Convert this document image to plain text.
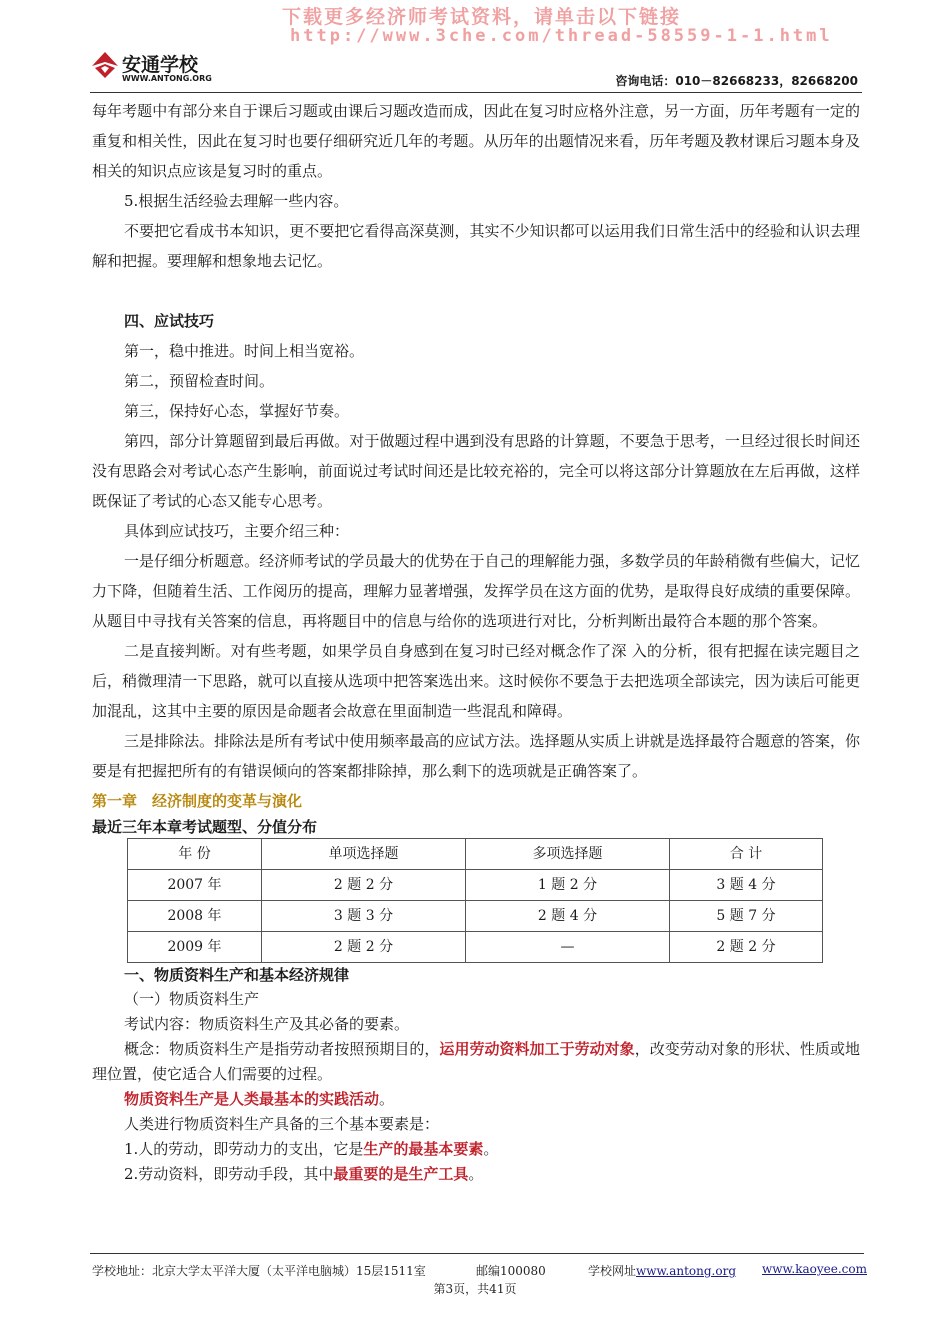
下载更多经济师考试资料，请单击以下链接
http://www.3che.com/thread-58559-1-1.html
安通学校
WWW.ANTONG.ORG	咨询电话：010－82668233，82668200

每年考题中有部分来自于课后习题或由课后习题改造而成，因此在复习时应格外注意，另一方面，历年考题有一定的重复和相关性，因此在复习时也要仔细研究近几年的考题。从历年的出题情况来看，历年考题及教材课后习题本身及相关的知识点应该是复习时的重点。

5.根据生活经验去理解一些内容。

不要把它看成书本知识，更不要把它看得高深莫测，其实不少知识都可以运用我们日常生活中的经验和认识去理解和把握。要理解和想象地去记忆。

四、应试技巧

第一，稳中推进。时间上相当宽裕。

第二，预留检查时间。

第三，保持好心态，掌握好节奏。

第四，部分计算题留到最后再做。对于做题过程中遇到没有思路的计算题，不要急于思考，一旦经过很长时间还没有思路会对考试心态产生影响，前面说过考试时间还是比较充裕的，完全可以将这部分计算题放在左后再做，这样既保证了考试的心态又能专心思考。

具体到应试技巧，主要介绍三种：

一是仔细分析题意。经济师考试的学员最大的优势在于自己的理解能力强，多数学员的年龄稍微有些偏大，记忆力下降，但随着生活、工作阅历的提高，理解力显著增强，发挥学员在这方面的优势，是取得良好成绩的重要保障。从题目中寻找有关答案的信息，再将题目中的信息与给你的选项进行对比，分析判断出最符合本题的那个答案。

二是直接判断。对有些考题，如果学员自身感到在复习时已经对概念作了深 入的分析，很有把握在读完题目之后，稍微理清一下思路，就可以直接从选项中把答案选出来。这时候你不要急于去把选项全部读完，因为读后可能更加混乱，这其中主要的原因是命题者会故意在里面制造一些混乱和障碍。

三是排除法。排除法是所有考试中使用频率最高的应试方法。选择题从实质上讲就是选择最符合题意的答案，你要是有把握把所有的有错误倾向的答案都排除掉，那么剩下的选项就是正确答案了。

第一章　经济制度的变革与演化

最近三年本章考试题型、分值分布

年 份	单项选择题	多项选择题	合 计
2007 年	2 题 2 分	1 题 2 分	3 题 4 分
2008 年	3 题 3 分	2 题 4 分	5 题 7 分
2009 年	2 题 2 分	—	2 题 2 分

一、物质资料生产和基本经济规律

（一）物质资料生产

考试内容：物质资料生产及其必备的要素。

概念：物质资料生产是指劳动者按照预期目的，运用劳动资料加工于劳动对象，改变劳动对象的形状、性质或地理位置，使它适合人们需要的过程。

物质资料生产是人类最基本的实践活动。

人类进行物质资料生产具备的三个基本要素是：

1.人的劳动，即劳动力的支出，它是生产的最基本要素。

2.劳动资料，即劳动手段，其中最重要的是生产工具。

学校地址：北京大学太平洋大厦（太平洋电脑城）15层1511室	邮编100080	学校网址www.antong.org www.kaoyee.com
第3页，共41页
